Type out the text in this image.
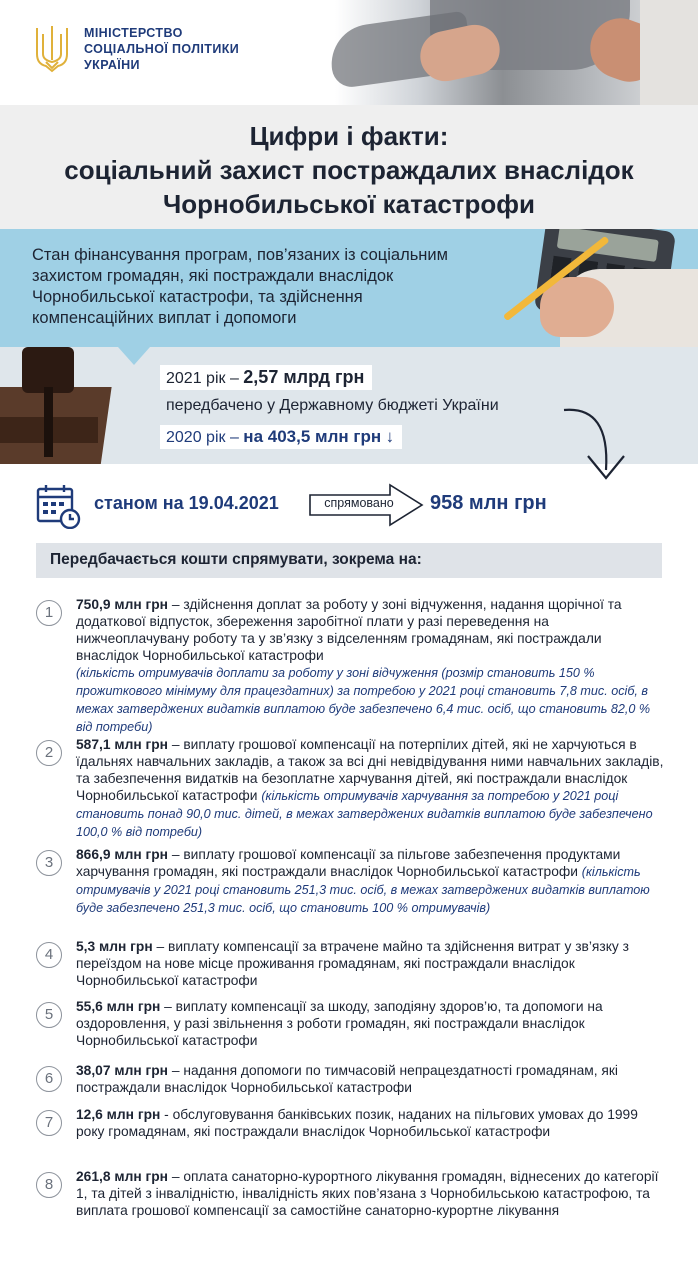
МІНІСТЕРСТВО
СОЦІАЛЬНОЇ ПОЛІТИКИ
УКРАЇНИ
Цифри і факти:
соціальний захист постраждалих внаслідок
Чорнобильської катастрофи
Стан фінансування програм, пов’язаних із соціальним
захистом громадян, які постраждали внаслідок
Чорнобильської катастрофи, та здійснення
компенсаційних виплат і допомоги
2021 рік – 2,57 млрд грн
передбачено у Державному бюджеті України
2020 рік – на 403,5 млн грн ↓
станом на 19.04.2021	спрямовано	958 млн грн
Передбачається кошти спрямувати, зокрема на:
1	750,9 млн грн – здійснення доплат за роботу у зоні відчуження, надання щорічної та додаткової відпусток, збереження заробітної плати у разі переведення на нижчеоплачувану роботу та у зв’язку з відселенням громадянам, які постраждали внаслідок Чорнобильської катастрофи
(кількість отримувачів доплати за роботу у зоні відчуження (розмір становить 150 % прожиткового мінімуму для працездатних) за потребою у 2021 році становить 7,8 тис. осіб, в межах затверджених видатків виплатою буде забезпечено 6,4 тис. осіб, що становить 82,0 % від потреби)
2	587,1 млн грн – виплату грошової компенсації на потерпілих дітей, які не харчуються в їдальнях навчальних закладів, а також за всі дні невідвідування ними навчальних закладів, та забезпечення видатків на безоплатне харчування дітей, які постраждали внаслідок Чорнобильської катастрофи (кількість отримувачів харчування за потребою у 2021 році становить понад 90,0 тис. дітей, в межах затверджених видатків виплатою буде забезпечено 100,0 % від потреби)
3	866,9 млн грн – виплату грошової компенсації за пільгове забезпечення продуктами харчування громадян, які постраждали внаслідок Чорнобильської катастрофи (кількість отримувачів у 2021 році становить 251,3 тис. осіб, в межах затверджених видатків виплатою буде забезпечено 251,3 тис. осіб, що становить 100 % отримувачів)
4	5,3 млн грн – виплату компенсації за втрачене майно та здійснення витрат у зв’язку з переїздом на нове місце проживання громадянам, які постраждали внаслідок Чорнобильської катастрофи
5	55,6 млн грн – виплату компенсації за шкоду, заподіяну здоров’ю, та допомоги на оздоровлення, у разі звільнення з роботи громадян, які постраждали внаслідок Чорнобильської катастрофи
6	38,07 млн грн – надання допомоги по тимчасовій непрацездатності громадянам, які постраждали внаслідок Чорнобильської катастрофи
7	12,6 млн грн - обслуговування банківських позик, наданих на пільгових умовах до 1999 року громадянам, які постраждали внаслідок Чорнобильської катастрофи
8	261,8 млн грн – оплата санаторно-курортного лікування громадян, віднесених до категорії 1, та дітей з інвалідністю, інвалідність яких пов’язана з Чорнобильською катастрофою, та виплата грошової компенсації за самостійне санаторно-курортне лікування
